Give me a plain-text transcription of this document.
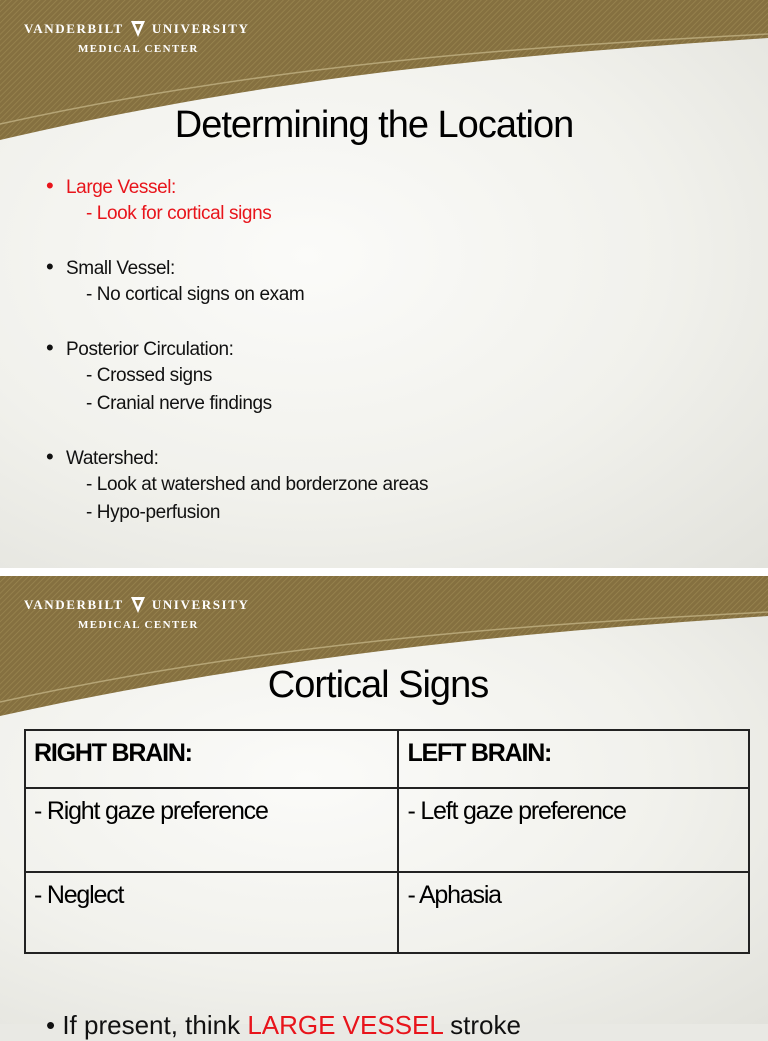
VANDERBILT UNIVERSITY
MEDICAL CENTER
Determining the Location
• Large Vessel:
- Look for cortical signs
• Small Vessel:
- No cortical signs on exam
• Posterior Circulation:
- Crossed signs
- Cranial nerve findings
• Watershed:
- Look at watershed and borderzone areas
- Hypo-perfusion
VANDERBILT UNIVERSITY
MEDICAL CENTER
Cortical Signs
RIGHT BRAIN:	LEFT BRAIN:
- Right gaze preference	- Left gaze preference
- Neglect	- Aphasia
• If present, think LARGE VESSEL stroke
